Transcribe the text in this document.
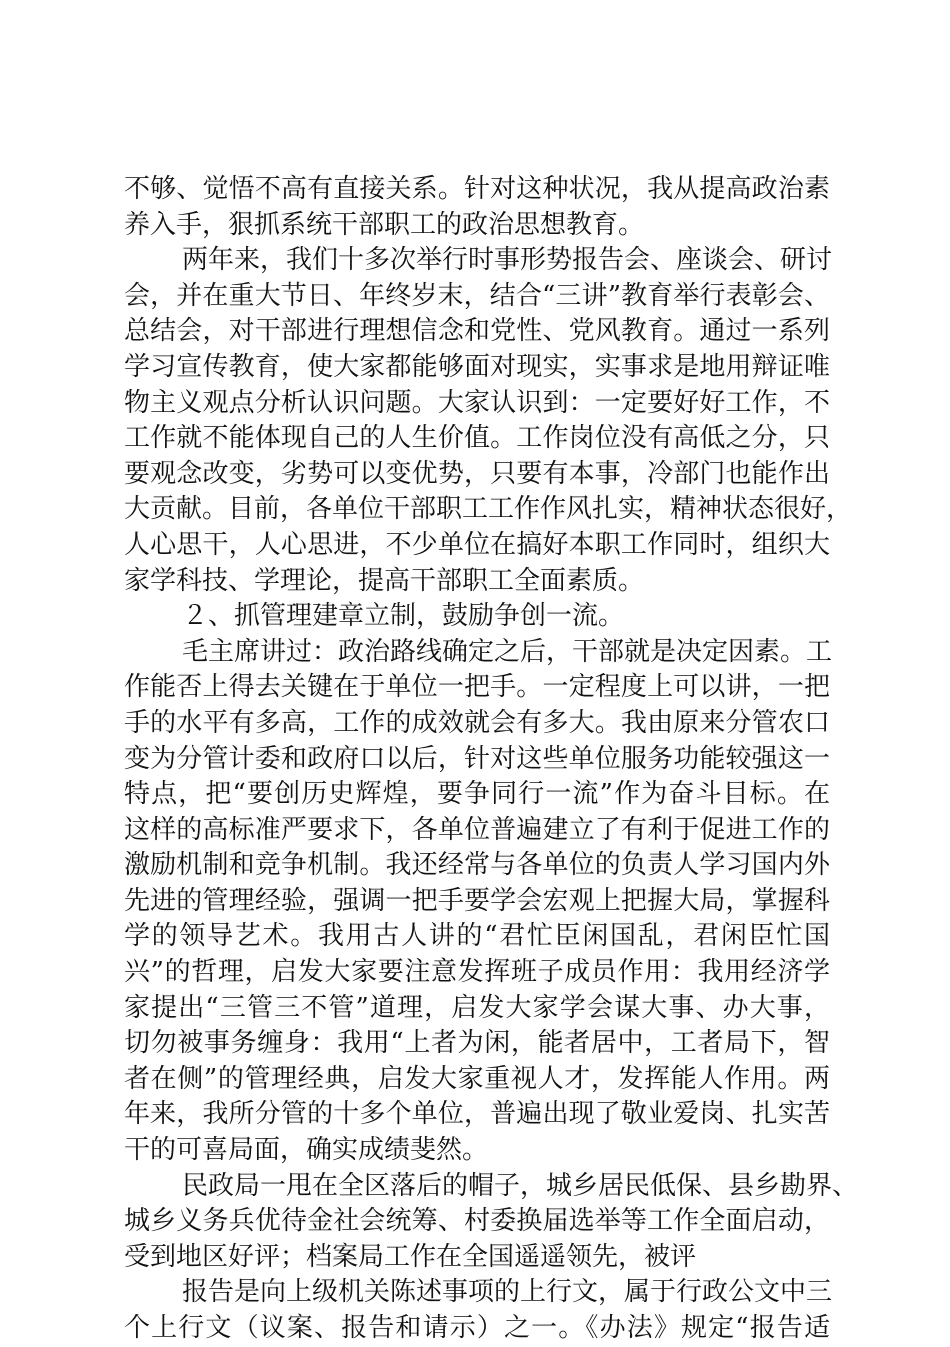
不够、觉悟不高有直接关系。针对这种状况，我从提高政治素
养入手，狠抓系统干部职工的政治思想教育。
两年来，我们十多次举行时事形势报告会、座谈会、研讨
会，并在重大节日、年终岁末，结合“三讲”教育举行表彰会、
总结会，对干部进行理想信念和党性、党风教育。通过一系列
学习宣传教育，使大家都能够面对现实，实事求是地用辩证唯
物主义观点分析认识问题。大家认识到：一定要好好工作，不
工作就不能体现自己的人生价值。工作岗位没有高低之分，只
要观念改变，劣势可以变优势，只要有本事，冷部门也能作出
大贡献。目前，各单位干部职工工作作风扎实，精神状态很好，
人心思干，人心思进，不少单位在搞好本职工作同时，组织大
家学科技、学理论，提高干部职工全面素质。
２、抓管理建章立制，鼓励争创一流。
毛主席讲过：政治路线确定之后，干部就是决定因素。工
作能否上得去关键在于单位一把手。一定程度上可以讲，一把
手的水平有多高，工作的成效就会有多大。我由原来分管农口
变为分管计委和政府口以后，针对这些单位服务功能较强这一
特点，把“要创历史辉煌，要争同行一流”作为奋斗目标。在
这样的高标准严要求下，各单位普遍建立了有利于促进工作的
激励机制和竞争机制。我还经常与各单位的负责人学习国内外
先进的管理经验，强调一把手要学会宏观上把握大局，掌握科
学的领导艺术。我用古人讲的“君忙臣闲国乱，君闲臣忙国
兴”的哲理，启发大家要注意发挥班子成员作用：我用经济学
家提出“三管三不管”道理，启发大家学会谋大事、办大事，
切勿被事务缠身：我用“上者为闲，能者居中，工者局下，智
者在侧”的管理经典，启发大家重视人才，发挥能人作用。两
年来，我所分管的十多个单位，普遍出现了敬业爱岗、扎实苦
干的可喜局面，确实成绩斐然。
民政局一甩在全区落后的帽子，城乡居民低保、县乡勘界、
城乡义务兵优待金社会统筹、村委换届选举等工作全面启动，
受到地区好评；档案局工作在全国遥遥领先，被评
报告是向上级机关陈述事项的上行文，属于行政公文中三
个上行文（议案、报告和请示）之一。《办法》规定“报告适
